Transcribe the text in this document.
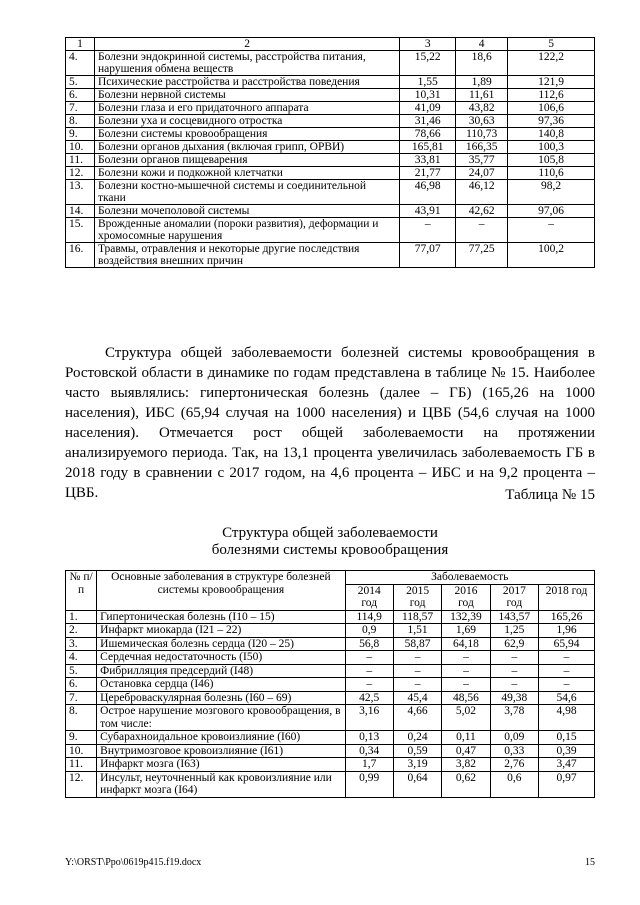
1	2	3	4	5
4.	Болезни эндокринной системы, расстройства питания, нарушения обмена веществ	15,22	18,6	122,2
5.	Психические расстройства и расстройства поведения	1,55	1,89	121,9
6.	Болезни нервной системы	10,31	11,61	112,6
7.	Болезни глаза и его придаточного аппарата	41,09	43,82	106,6
8.	Болезни уха и сосцевидного отростка	31,46	30,63	97,36
9.	Болезни системы кровообращения	78,66	110,73	140,8
10.	Болезни органов дыхания (включая грипп, ОРВИ)	165,81	166,35	100,3
11.	Болезни органов пищеварения	33,81	35,77	105,8
12.	Болезни кожи и подкожной клетчатки	21,77	24,07	110,6
13.	Болезни костно-мышечной системы и соединительной ткани	46,98	46,12	98,2
14.	Болезни мочеполовой системы	43,91	42,62	97,06
15.	Врожденные аномалии (пороки развития), деформации и хромосомные нарушения	–	–	–
16.	Травмы, отравления и некоторые другие последствия воздействия внешних причин	77,07	77,25	100,2

Структура общей заболеваемости болезней системы кровообращения в Ростовской области в динамике по годам представлена в таблице № 15. Наиболее часто выявлялись: гипертоническая болезнь (далее – ГБ) (165,26 на 1000 населения), ИБС (65,94 случая на 1000 населения) и ЦВБ (54,6 случая на 1000 населения). Отмечается рост общей заболеваемости на протяжении анализируемого периода. Так, на 13,1 процента увеличилась заболеваемость ГБ в 2018 году в сравнении с 2017 годом, на 4,6 процента – ИБС и на 9,2 процента – ЦВБ.	Таблица № 15
Структура общей заболеваемости
болезнями системы кровообращения
№ п/п	Основные заболевания в структуре болезней системы кровообращения	Заболеваемость				
		2014 год	2015 год	2016 год	2017 год	2018 год
1.	Гипертоническая болезнь (I10 – 15)	114,9	118,57	132,39	143,57	165,26
2.	Инфаркт миокарда (I21 – 22)	0,9	1,51	1,69	1,25	1,96
3.	Ишемическая болезнь сердца (I20 – 25)	56,8	58,87	64,18	62,9	65,94
4.	Сердечная недостаточность (I50)	–	–	–	–	–
5.	Фибрилляция предсердий (I48)	–	–	–	–	–
6.	Остановка сердца (I46)	–	–	–	–	–
7.	Цереброваскулярная болезнь (I60 – 69)	42,5	45,4	48,56	49,38	54,6
8.	Острое нарушение мозгового кровообращения, в том числе:	3,16	4,66	5,02	3,78	4,98
9.	Субарахноидальное кровоизлияние (I60)	0,13	0,24	0,11	0,09	0,15
10.	Внутримозговое кровоизлияние (I61)	0,34	0,59	0,47	0,33	0,39
11.	Инфаркт мозга (I63)	1,7	3,19	3,82	2,76	3,47
12.	Инсульт, неуточненный как кровоизлияние или инфаркт мозга (I64)	0,99	0,64	0,62	0,6	0,97
Y:\ORST\Ppo\0619p415.f19.docx	15
